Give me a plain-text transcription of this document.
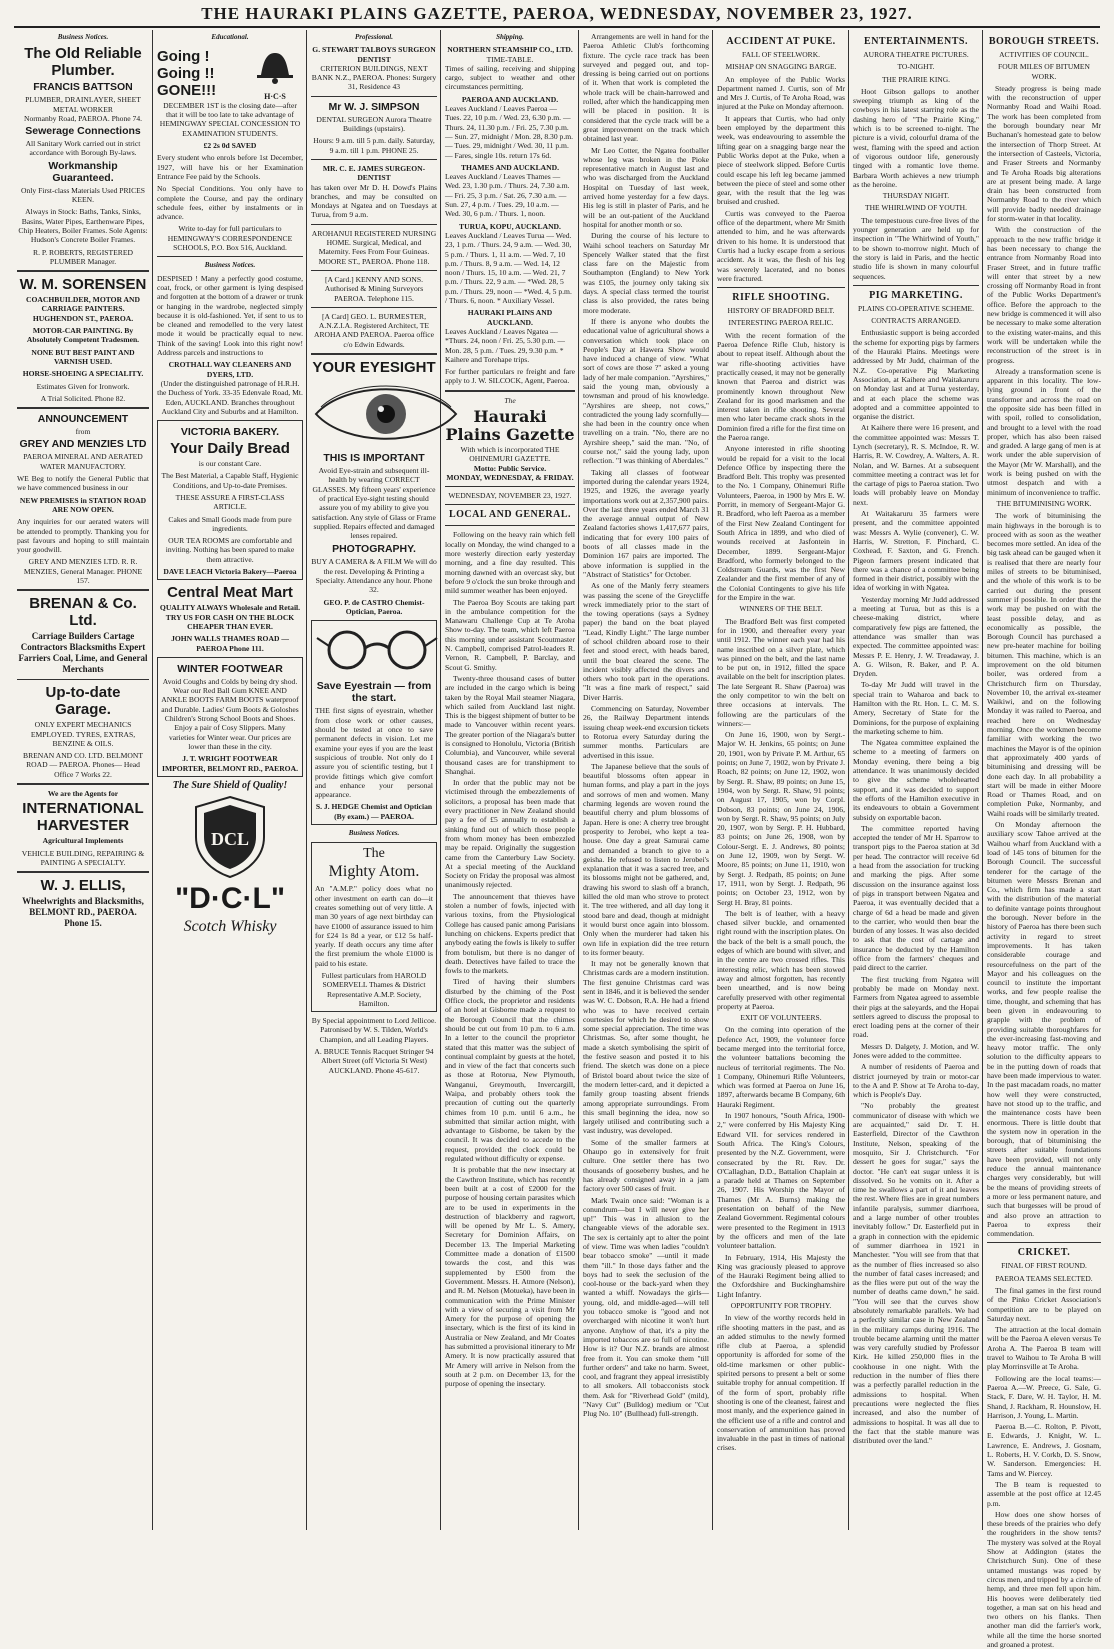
THE HAURAKI PLAINS GAZETTE, PAEROA, WEDNESDAY, NOVEMBER 23, 1927.
Business Notices.
The Old Reliable Plumber.
FRANCIS BATTSON
PLUMBER, DRAINLAYER, SHEET METAL WORKER
Normanby Road, PAEROA. Phone 74.
Sewerage Connections
All Sanitary Work carried out in strict accordance with Borough By-laws.
Workmanship Guaranteed.
Only First-class Materials Used PRICES KEEN.
Always in Stock: Baths, Tanks, Sinks, Basins, Water Pipes, Earthenware Pipes, Chip Heaters, Boiler Frames. Sole Agents: Hudson's Concrete Boiler Frames.
R. P. ROBERTS, REGISTERED PLUMBER Manager.
W. M. SORENSEN
COACHBUILDER, MOTOR AND CARRIAGE PAINTERS. HUGHENDON ST., PAEROA.
MOTOR-CAR PAINTING. By Absolutely Competent Tradesmen.
NONE BUT BEST PAINT AND VARNISH USED.
HORSE-SHOEING A SPECIALITY.
Estimates Given for Ironwork.
A Trial Solicited. Phone 82.
ANNOUNCEMENT
from
GREY AND MENZIES LTD
PAEROA MINERAL AND AERATED WATER MANUFACTORY.
WE Beg to notify the General Public that we have commenced business in our
NEW PREMISES in STATION ROAD ARE NOW OPEN.
Any inquiries for our aerated waters will be attended to promptly. Thanking you for past favours and hoping to still maintain your goodwill.
GREY AND MENZIES LTD. R. R. MENZIES, General Manager. PHONE 157.
BRENAN & Co. Ltd.
Carriage Builders Cartage Contractors Blacksmiths Expert Farriers Coal, Lime, and General Merchants
Up-to-date Garage.
ONLY EXPERT MECHANICS EMPLOYED. TYRES, EXTRAS, BENZINE & OILS.
BRENAN AND CO. LTD. BELMONT ROAD — PAEROA. Phones— Head Office 7 Works 22.
We are the Agents for
INTERNATIONAL HARVESTER
Agricultural Implements
VEHICLE BUILDING, REPAIRING & PAINTING A SPECIALTY.
W. J. ELLIS,
Wheelwrights and Blacksmiths, BELMONT RD., PAEROA. Phone 15.
Educational.
Going ! Going !! GONE!!!	H·C·S
DECEMBER 1ST is the closing date—after that it will be too late to take advantage of HEMINGWAY SPECIAL CONCESSION TO EXAMINATION STUDENTS.
£2 2s 0d SAVED
Every student who enrols before 1st December, 1927, will have his or her Examination Entrance Fee paid by the Schools.
No Special Conditions. You only have to complete the Course, and pay the ordinary schedule fees, either by instalments or in advance.
Write to-day for full particulars to HEMINGWAY'S CORRESPONDENCE SCHOOLS, P.O. Box 516, Auckland.
Business Notices.
DESPISED ! Many a perfectly good costume, coat, frock, or other garment is lying despised and forgotten at the bottom of a drawer or trunk or hanging in the wardrobe, neglected simply because it is old-fashioned. Yet, if sent to us to be cleaned and remodelled to the very latest mode it would be practically equal to new. Think of the saving! Look into this right now! Address parcels and instructions to
CROTHALL WAY CLEANERS AND DYERS, LTD.
(Under the distinguished patronage of H.R.H. the Duchess of York. 33-35 Edenvale Road, Mt. Eden, AUCKLAND. Branches throughout Auckland City and Suburbs and at Hamilton.
VICTORIA BAKERY.
Your Daily Bread
is our constant Care.
The Best Material, a Capable Staff, Hygienic Conditions, and Up-to-date Premises.
THESE ASSURE A FIRST-CLASS ARTICLE.
Cakes and Small Goods made from pure ingredients.
OUR TEA ROOMS are comfortable and inviting. Nothing has been spared to make them attractive.
DAVE LEACH Victoria Bakery—Paeroa
Central Meat Mart
QUALITY ALWAYS Wholesale and Retail. TRY US FOR CASH ON THE BLOCK CHEAPER THAN EVER.
JOHN WALLS THAMES ROAD — PAEROA Phone 111.
WINTER FOOTWEAR
Avoid Coughs and Colds by being dry shod. Wear our Red Ball Gum KNEE AND ANKLE BOOTS FARM BOOTS waterproof and Durable. Ladies' Gum Boots & Goloshes Children's Strong School Boots and Shoes. Enjoy a pair of Cosy Slippers. Many varieties for Winter wear. Our prices are lower than these in the city.
J. T. WRIGHT FOOTWEAR IMPORTER, BELMONT RD., PAEROA.
The Sure Shield of Quality!
DCL
"D·C·L"
Scotch Whisky
Professional.
G. STEWART TALBOYS SURGEON DENTIST
CRITERION BUILDINGS, NEXT BANK N.Z., PAEROA. Phones: Surgery 31, Residence 43
Mr W. J. SIMPSON
DENTAL SURGEON Aurora Theatre Buildings (upstairs).
Hours: 9 a.m. till 5 p.m. daily. Saturday, 9 a.m. till 1 p.m. PHONE 25.
MR. C. E. JAMES SURGEON-DENTIST
has taken over Mr D. H. Dowd's Plains branches, and may be consulted on Mondays at Ngatea and on Tuesdays at Turua, from 9 a.m.
AROHANUI REGISTERED NURSING HOME. Surgical, Medical, and Maternity. Fees From Four Guineas. MOORE ST., PAEROA. Phone 118.
[A Card.] KENNY AND SONS. Authorised & Mining Surveyors PAEROA. Telephone 115.
[A Card] GEO. L. BURMESTER, A.N.Z.I.A. Registered Architect, TE AROHA AND PAEROA. Paeroa office c/o Edwin Edwards.
YOUR EYESIGHT
THIS IS IMPORTANT
Avoid Eye-strain and subsequent ill-health by wearing CORRECT GLASSES. My fifteen years' experience of practical Eye-sight testing should assure you of my ability to give you satisfaction. Any style of Glass or Frame supplied. Repairs effected and damaged lenses repaired.
PHOTOGRAPHY.
BUY A CAMERA & A FILM We will do the rest. Developing & Printing a Specialty. Attendance any hour. Phone 32.
GEO. P. de CASTRO Chemist-Optician, Paeroa.
Save Eyestrain — from the start.
THE first signs of eyestrain, whether from close work or other causes, should be tested at once to save permanent defects in vision. Let me examine your eyes if you are the least suspicious of trouble. Not only do I assure you of scientific testing, but I provide fittings which give comfort and enhance your personal appearance.
S. J. HEDGE Chemist and Optician (By exam.) — PAEROA.
Business Notices.
The
Mighty Atom.
An "A.M.P." policy does what no other investment on earth can do—it creates something out of very little. A man 30 years of age next birthday can have £1000 of assurance issued to him for £24 1s 8d a year, or £12 5s half-yearly. If death occurs any time after the first premium the whole £1000 is paid to his estate.
Fullest particulars from HAROLD SOMERVELL Thames & District Representative A.M.P. Society, Hamilton.
By Special appointment to Lord Jellicoe. Patronised by W. S. Tilden, World's Champion, and all Leading Players.
A. BRUCE Tennis Racquet Stringer 94 Albert Street (off Victoria St West) AUCKLAND. Phone 45-617.
Shipping.
NORTHERN STEAMSHIP CO., LTD.
TIME-TABLE.
Times of sailing, receiving and shipping cargo, subject to weather and other circumstances permitting.
PAEROA AND AUCKLAND.
Leaves Auckland / Leaves Paeroa — Tues. 22, 10 p.m. / Wed. 23, 6.30 p.m. — Thurs. 24, 11.30 p.m. / Fri. 25, 7.30 p.m. — Sun. 27, midnight / Mon. 28, 8.30 p.m. — Tues. 29, midnight / Wed. 30, 11 p.m. — Fares, single 10s. return 17s 6d.
THAMES AND AUCKLAND.
Leaves Auckland / Leaves Thames — Wed. 23, 1.30 p.m. / Thurs. 24, 7.30 a.m. — Fri. 25, 3 p.m. / Sat. 26, 7.30 a.m. — Sun. 27, 4 p.m. / Tues. 29, 10 a.m. — Wed. 30, 6 p.m. / Thurs. 1, noon.
TURUA, KOPU, AUCKLAND.
Leaves Auckland / Leaves Turua — Wed. 23, 1 p.m. / Thurs. 24, 9 a.m. — Wed. 30, 5 p.m. / Thurs. 1, 11 a.m. — Wed. 7, 10 p.m. / Thurs. 8, 9 a.m. — Wed. 14, 12 noon / Thurs. 15, 10 a.m. — Wed. 21, 7 p.m. / Thurs. 22, 9 a.m. — *Wed. 28, 5 p.m. / Thurs. 29, noon — *Wed. 4, 5 p.m. / Thurs. 6, noon. * Auxiliary Vessel.
HAURAKI PLAINS AND AUCKLAND.
Leaves Auckland / Leaves Ngatea — *Thurs. 24, noon / Fri. 25, 5.30 p.m. — Mon. 28, 5 p.m. / Tues. 29, 9.30 p.m. * Kaihere and Torehape trips.
For further particulars re freight and fare apply to J. W. SILCOCK, Agent, Paeroa.
The
Hauraki Plains Gazette
With which is incorporated THE OHINEMURI GAZETTE.
Motto: Public Service.
MONDAY, WEDNESDAY, & FRIDAY.
WEDNESDAY, NOVEMBER 23, 1927.
LOCAL AND GENERAL.
Following on the heavy rain which fell locally on Monday, the wind changed to a more westerly direction early yesterday morning, and a fine day resulted. This morning dawned with an overcast sky, but before 9 o'clock the sun broke through and mild summer weather has been enjoyed.
The Paeroa Boy Scouts are taking part in the ambulance competition for the Manawaru Challenge Cup at Te Aroha Show to-day. The team, which left Paeroa this morning under assistant Scoutmaster N. Campbell, comprised Patrol-leaders R. Vernon, R. Campbell, P. Barclay, and Scout G. Smithy.
Twenty-three thousand cases of butter are included in the cargo which is being taken by the Royal Mail steamer Niagara, which sailed from Auckland last night. This is the biggest shipment of butter to be made to Vancouver within recent years. The greater portion of the Niagara's butter is consigned to Honolulu, Victoria (British Columbia), and Vancouver, while several thousand cases are for transhipment to Shanghai.
In order that the public may not be victimised through the embezzlements of solicitors, a proposal has been made that every practitioner in New Zealand should pay a fee of £5 annually to establish a sinking fund out of which those people from whom money has been embezzled may be repaid. Originally the suggestion came from the Canterbury Law Society. At a special meeting of the Auckland Society on Friday the proposal was almost unanimously rejected.
The announcement that thieves have stolen a number of fowls, injected with various toxins, from the Physiological College has caused panic among Parisians lunching on chickens. Experts predict that anybody eating the fowls is likely to suffer from botulism, but there is no danger of death. Detectives have failed to trace the fowls to the markets.
Tired of having their slumbers disturbed by the chiming of the Post Office clock, the proprietor and residents of an hotel at Gisborne made a request to the Borough Council that the chimes should be cut out from 10 p.m. to 6 a.m. In a letter to the council the proprietor stated that this matter was the subject of continual complaint by guests at the hotel, and in view of the fact that concerts such as those at Rotorua, New Plymouth, Wanganui, Greymouth, Invercargill, Waipa, and probably others took the precaution of cutting out the quarterly chimes from 10 p.m. until 6 a.m., he submitted that similar action might, with advantage to Gisborne, be taken by the council. It was decided to accede to the request, provided the clock could be regulated without difficulty or expense.
It is probable that the new insectary at the Cawthron Institute, which has recently been built at a cost of £2000 for the purpose of housing certain parasites which are to be used in experiments in the destruction of blackberry and ragwort, will be opened by Mr L. S. Amery, Secretary for Dominion Affairs, on December 13. The Imperial Marketing Committee made a donation of £1500 towards the cost, and this was supplemented by £500 from the Government. Messrs. H. Atmore (Nelson), and R. M. Nelson (Motueka), have been in communication with the Prime Minister with a view of securing a visit from Mr Amery for the purpose of opening the insectary, which is the first of its kind in Australia or New Zealand, and Mr Coates has submitted a provisional itinerary to Mr Amery. It is now practically assured that Mr Amery will arrive in Nelson from the south at 2 p.m. on December 13, for the purpose of opening the insectary.
Arrangements are well in hand for the Paeroa Athletic Club's forthcoming fixture. The cycle race track has been surveyed and pegged out, and top-dressing is being carried out on portions of it. When that work is completed the whole track will be chain-harrowed and rolled, after which the handicapping men will be placed in position. It is considered that the cycle track will be a great improvement on the track which obtained last year.
Mr Leo Cotter, the Ngatea footballer whose leg was broken in the Pioke representative match in August last and who was discharged from the Auckland Hospital on Tuesday of last week, arrived home yesterday for a few days. His leg is still in plaster of Paris, and he will be an out-patient of the Auckland hospital for another month or so.
During the course of his lecture to Waihi school teachers on Saturday Mr Spencely Walker stated that the first class fare on the Majestic from Southampton (England) to New York was £105, the journey only taking six days. A special class termed the tourist class is also provided, the rates being more moderate.
If there is anyone who doubts the educational value of agricultural shows a conversation which took place on People's Day at Hawera Show would have induced a change of view. "What sort of cows are those ?" asked a young lady of her male companion. "Ayrshires," said the young man, obviously a townsman and proud of his knowledge. "Ayrshires are sheep, not cows," contradicted the young lady scornfully—she had been in the country once when travelling on a train. "No, there are no Ayrshire sheep," said the man. "No, of course not," said the young lady, upon reflection. "I was thinking of Aberdales."
Taking all classes of footwear imported during the calendar years 1924, 1925, and 1926, the average yearly importations work out at 2,357,900 pairs. Over the last three years ended March 31 the average annual output of New Zealand factories shows 1,417,677 pairs, indicating that for every 100 pairs of boots of all classes made in the Dominion 167 pairs are imported. The above information is supplied in the "Abstract of Statistics" for October.
As one of the Manly ferry steamers was passing the scene of the Greycliffe wreck immediately prior to the start of the towing operations (says a Sydney paper) the band on the boat played "Lead, Kindly Light." The large number of school children aboard rose to their feet and stood erect, with heads bared, until the boat cleared the scene. The incident visibly affected the divers and others who took part in the operations. "It was a fine mark of respect," said Diver Harris.
Commencing on Saturday, November 26, the Railway Department intends issuing cheap week-end excursion tickets to Rotorua every Saturday during the summer months. Particulars are advertised in this issue.
The Japanese believe that the souls of beautiful blossoms often appear in human forms, and play a part in the joys and sorrows of men and women. Many charming legends are woven round the beautiful cherry and plum blossoms of Japan. Here is one: A cherry tree brought prosperity to Jerobei, who kept a tea-house. One day a great Samurai came and demanded a branch to give to a geisha. He refused to listen to Jerobei's explanation that it was a sacred tree, and its blossoms might not be gathered, and, drawing his sword to slash off a branch, killed the old man who strove to protect it. The tree withered, and all day long it stood bare and dead, though at midnight it would burst once again into blossom. Only when the murderer had taken his own life in expiation did the tree return to its former beauty.
It may not be generally known that Christmas cards are a modern institution. The first genuine Christmas card was sent in 1846, and it is believed the sender was W. C. Dobson, R.A. He had a friend who was to have received certain courtesies for which he desired to show some special appreciation. The time was Christmas. So, after some thought, he made a sketch symbolising the spirit of the festive season and posted it to his friend. The sketch was done on a piece of Bristol board about twice the size of the modern letter-card, and it depicted a family group toasting absent friends among appropriate surroundings. From this small beginning the idea, now so largely utilised and contributing such a vast industry, was developed.
Some of the smaller farmers at Ohaupo go in extensively for fruit culture. One settler there has two thousands of gooseberry bushes, and he has already consigned away in a jam factory over 500 cases of fruit.
Mark Twain once said: "Woman is a conundrum—but I will never give her up!" This was in allusion to the changeable views of the adorable sex. The sex is certainly apt to alter the point of view. Time was when ladies "couldn't bear tobacco smoke" —until it made them "ill." In those days father and the boys had to seek the seclusion of the cool-house or the back-yard when they wanted a whiff. Nowadays the girls—young, old, and middle-aged—will tell you tobacco smoke is "good and not overcharged with nicotine it won't hurt anyone. Anyhow of that, it's a pity the imported tobaccos are so full of nicotine. How is it? Our N.Z. brands are almost free from it. You can smoke them "till further orders" and take no harm. Sweet, cool, and fragrant they appeal irresistibly to all smokers. All tobacconists stock them. Ask for "Riverhead Gold" (mild), "Navy Cut" (Bulldog) medium or "Cut Plug No. 10" (Bullhead) full-strength.
ACCIDENT AT PUKE.
FALL OF STEELWORK.
MISHAP ON SNAGGING BARGE.
An employee of the Public Works Department named J. Curtis, son of Mr and Mrs J. Curtis, of Te Aroha Road, was injured at the Puke on Monday afternoon.
It appears that Curtis, who had only been employed by the department this week, was endeavouring to assemble the lifting gear on a snagging barge near the Public Works depot at the Puke, when a piece of steelwork slipped. Before Curtis could escape his left leg became jammed between the piece of steel and some other gear, with the result that the leg was bruised and crushed.
Curtis was conveyed to the Paeroa office of the department, where Mr Smith attended to him, and he was afterwards driven to his home. It is understood that Curtis had a lucky escape from a serious accident. As it was, the flesh of his leg was severely lacerated, and no bones were fractured.
RIFLE SHOOTING.
HISTORY OF BRADFORD BELT.
INTERESTING PAEROA RELIC.
With the recent formation of the Paeroa Defence Rifle Club, history is about to repeat itself. Although about the war rifle-shooting activities have practically ceased, it may not be generally known that Paeroa and district was prominently known throughout New Zealand for its good marksmen and the interest taken in rifle shooting. Several men who later became crack shots in the Dominion fired a rifle for the first time on the Paeroa range.
Anyone interested in rifle shooting would be repaid for a visit to the local Defence Office by inspecting there the Bradford Belt. This trophy was presented to the No. 1 Company, Ohinemuri Rifle Volunteers, Paeroa, in 1900 by Mrs E. W. Porritt, in memory of Sergeant-Major G. R. Bradford, who left Paeroa as a member of the First New Zealand Contingent for South Africa in 1899, and who died of wounds received at Jasfontein in December, 1899. Sergeant-Major Bradford, who formerly belonged to the Coldstream Guards, was the first New Zealander and the first member of any of the Colonial Contingents to give his life for the Empire in the war.
WINNERS OF THE BELT.
The Bradford Belt was first competed for in 1900, and thereafter every year until 1912. The winner each year had his name inscribed on a silver plate, which was pinned on the belt, and the last name to be put on, in 1912, filled the space available on the belt for inscription plates. The late Sergeant R. Shaw (Paeroa) was the only competitor to win the belt on three occasions at intervals. The following are the particulars of the winners:—
On June 16, 1900, won by Sergt.-Major W. H. Jenkins, 65 points; on June 20, 1901, won by Private P. M. Arthur, 65 points; on June 7, 1902, won by Private J. Roach, 82 points; on June 12, 1902, won by Sergt. R. Shaw, 89 points; on June 15, 1904, won by Sergt. R. Shaw, 91 points; on August 17, 1905, won by Corpl. Dobson, 83 points; on June 24, 1906, won by Sergt. R. Shaw, 95 points; on July 20, 1907, won by Sergt. P. H. Hubbard, 83 points; on June 26, 1908, won by Colour-Sergt. E. J. Andrews, 80 points; on June 12, 1909, won by Sergt. W. Moore, 85 points; on June 11, 1910, won by Sergt. J. Redpath, 85 points; on June 17, 1911, won by Sergt. J. Redpath, 96 points; on October 23, 1912, won by Sergt H. Bray, 81 points.
The belt is of leather, with a heavy chased silver buckle, and ornamented right round with the inscription plates. On the back of the belt is a small pouch, the edges of which are bound with silver, and in the centre are two crossed rifles. This interesting relic, which has been stowed away and almost forgotten, has recently been unearthed, and is now being carefully preserved with other regimental property at Paeroa.
EXIT OF VOLUNTEERS.
On the coming into operation of the Defence Act, 1909, the volunteer force became merged into the territorial force, the volunteer battalions becoming the nucleus of territorial regiments. The No. 1 Company, Ohinemuri Rifle Volunteers, which was formed at Paeroa on June 16, 1897, afterwards became B Company, 6th Hauraki Regiment.
In 1907 honours, "South Africa, 1900-2," were conferred by His Majesty King Edward VII. for services rendered in South Africa. The King's Colours, presented by the N.Z. Government, were consecrated by the Rt. Rev. Dr. O'Callaghan, D.D., Battalion Chaplain at a parade held at Thames on September 26, 1907. His Worship the Mayor of Thames (Mr A. Burns) making the presentation on behalf of the New Zealand Government. Regimental colours were presented to the Regiment in 1913 by the officers and men of the late volunteer battalion.
In February, 1914, His Majesty the King was graciously pleased to approve of the Hauraki Regiment being allied to the Oxfordshire and Buckinghamshire Light Infantry.
OPPORTUNITY FOR TROPHY.
In view of the worthy records held in rifle shooting matters in the past, and as an added stimulus to the newly formed rifle club at Paeroa, a splendid opportunity is afforded for some of the old-time marksmen or other public-spirited persons to present a belt or some suitable trophy for annual competition. If of the form of sport, probably rifle shooting is one of the cleanest, fairest and most manly, and the experience gained in the efficient use of a rifle and control and conservation of ammunition has proved invaluable in the past in times of national crises.
ENTERTAINMENTS.
AURORA THEATRE PICTURES.
TO-NIGHT.
THE PRAIRIE KING.
Hoot Gibson gallops to another sweeping triumph as king of the cowboys in his latest starring role as the dashing hero of "The Prairie King," which is to be screened to-night. The picture is a vivid, colourful drama of the west, flaming with the speed and action of vigorous outdoor life, generously tinged with a romantic love theme. Barbara Worth achieves a new triumph as the heroine.
THURSDAY NIGHT.
THE WHIRLWIND OF YOUTH.
The tempestuous cure-free lives of the younger generation are held up for inspection in "The Whirlwind of Youth," to be shown to-morrow night. Much of the story is laid in Paris, and the hectic studio life is shown in many colourful sequences.
PIG MARKETING.
PLAINS CO-OPERATIVE SCHEME.
CONTRACTS ARRANGED.
Enthusiastic support is being accorded the scheme for exporting pigs by farmers of the Hauraki Plains. Meetings were addressed by Mr Judd, chairman of the N.Z. Co-operative Pig Marketing Association, at Kaihere and Waitakaruru on Monday last and at Turua yesterday, and at each place the scheme was adopted and a committee appointed to organise the district.
At Kaihere there were 16 present, and the committee appointed was: Messrs T. Lynch (secretary), R. S. McIndoe, R. W. Harris, R. W. Cowdrey, A. Walters, A. R. Nolan, and W. Barnes. At a subsequent committee meeting a contract was let for the cartage of pigs to Paeroa station. Two loads will probably leave on Monday next.
At Waitakaruru 35 farmers were present, and the committee appointed was: Messrs A. Wylie (convener), C. W. Harris, W. Stretton, F. Pinchard, C. Coxhead, F. Saxton, and G. French. Pigeon farmers present indicated that there was a chance of a committee being formed in their district, possibly with the idea of working in with Ngatea.
Yesterday morning Mr Judd addressed a meeting at Turua, but as this is a cheese-making district, where comparatively few pigs are fattened, the attendance was smaller than was expected. The committee appointed was: Messrs P. E. Henry, J. W. Treadaway, J. A. G. Wilson, R. Baker, and P. A. Dryden.
To-day Mr Judd will travel in the special train to Waharoa and back to Hamilton with the Rt. Hon. L. C. M. S. Amery, Secretary of State for the Dominions, for the purpose of explaining the marketing scheme to him.
The Ngatea committee explained the scheme to a meeting of farmers on Monday evening, there being a big attendance. It was unanimously decided to give the scheme wholehearted support, and it was decided to support the efforts of the Hamilton executive in its endeavours to obtain a Government subsidy on exportable bacon.
The committee reported having accepted the tender of Mr H. Sparrow to transport pigs to the Paeroa station at 3d per head. The contractor will receive 6d a head from the association for trucking and marking the pigs. After some discussion on the insurance against loss of pigs in transport between Ngatea and Paeroa, it was eventually decided that a charge of 6d a head be made and given to the carrier, who would then bear the burden of any losses. It was also decided to ask that the cost of cartage and insurance be deducted by the Hamilton office from the farmers' cheques and paid direct to the carrier.
The first trucking from Ngatea will probably be made on Monday next. Farmers from Ngatea agreed to assemble their pigs at the saleyards, and the Hopai settlers agreed to discuss the proposal to erect loading pens at the corner of their road.
Messrs D. Dalgety, J. Motion, and W. Jones were added to the committee.
A number of residents of Paeroa and district journeyed by train or motor-car to the A and P. Show at Te Aroha to-day, which is People's Day.
"No probably the greatest communicator of disease with which we are acquainted," said Dr. T. H. Easterfield, Director of the Cawthron Institute, Nelson, speaking of the mosquito, Sir J. Christchurch. "For dessert he goes for sugar," says the doctor. "He can't eat sugar unless it is dissolved. So he vomits on it. After a time he swallows a part of it and leaves the rest. Where flies are in great numbers infantile paralysis, summer diarrhoea, and a large number of other troubles inevitably follow." Dr. Easterfield put in a graph in connection with the epidemic of summer diarrhoea in 1921 in Manchester. "You will see from that that as the number of flies increased so also the number of fatal cases increased; and as the flies were put out of the way the number of deaths came down," he said. "You will see that the curves show absolutely remarkable parallels. We had a perfectly similar case in New Zealand in the military camps during 1916. The trouble became alarming until the matter was very carefully studied by Professor Kirk. He killed 250,000 flies in the cookhouse in one night. With the reduction in the number of flies there was a perfectly parallel reduction in the admissions to hospital. When precautions were neglected the flies increased, and also the number of admissions to hospital. It was all due to the fact that the stable manure was distributed over the land."
BOROUGH STREETS.
ACTIVITIES OF COUNCIL.
FOUR MILES OF BITUMEN WORK.
Steady progress is being made with the reconstruction of upper Normanby Road and Waihi Road. The work has been completed from the borough boundary near Mr Buchanan's homestead gate to below the intersection of Thorp Street. At the intersection of Casteels, Victoria, and Fraser Streets and Normanby and Te Aroha Roads big alterations are at present being made. A large drain has been constructed from Normanby Road to the river which will provide badly needed drainage for storm-water in that locality.
With the construction of the approach to the new traffic bridge it has been necessary to change the entrance from Normanby Road into Fraser Street, and in future traffic will enter that street by a new crossing off Normanby Road in front of the Public Works Department's office. Before the approach to the new bridge is commenced it will also be necessary to make some alteration to the existing water-mains, and this work will be undertaken while the reconstruction of the street is in progress.
Already a transformation scene is apparent in this locality. The low-lying ground in front of the transformer and across the road on the opposite side has been filled in with spoil, rolled to consolidation, and brought to a level with the road proper, which has also been raised and graded. A large gang of men is at work under the able supervision of the Mayor (Mr W. Marshall), and the work is being pushed on with the utmost despatch and with a minimum of inconvenience to traffic.
THE BITUMINISING WORK.
The work of bituminising the main highways in the borough is to proceed with as soon as the weather becomes more settled. An idea of the big task ahead can be gauged when it is realised that there are nearly four miles of streets to be bituminised, and the whole of this work is to be carried out during the present summer if possible. In order that the work may be pushed on with the least possible delay, and as economically as possible, the Borough Council has purchased a new pre-heater machine for boiling bitumen. This machine, which is an improvement on the old bitumen boiler, was ordered from a Christchurch firm on Thursday, November 10, the arrival ex-steamer Waikiwi, and on the following Monday it was railed to Paeroa, and reached here on Wednesday morning. Once the workmen become familiar with working the two machines the Mayor is of the opinion that approximately 400 yards of bituminising and dressing will be done each day. In all probability a start will be made in either Moore Road or Thames Road, and on completion Puke, Normanby, and Waihi roads will be similarly treated.
On Monday afternoon the auxiliary scow Tahoe arrived at the Waihou wharf from Auckland with a load of 145 tons of bitumen for the Borough Council. The successful tenderer for the cartage of the bitumen were Messrs Brenan and Co., which firm has made a start with the distribution of the material to definite vantage points throughout the borough. Never before in the history of Paeroa has there been such activity in regard to street improvements. It has taken considerable courage and resourcefulness on the part of the Mayor and his colleagues on the council to institute the important works, and few people realise the time, thought, and scheming that has been given in endeavouring to grapple with the problem of providing suitable thoroughfares for the ever-increasing fast-moving and heavy motor traffic. The only solution to the difficulty appears to be in the putting down of roads that have been made impervious to water. In the past macadam roads, no matter how well they were constructed, have not stood up to the traffic, and the maintenance costs have been enormous. There is little doubt that the system now in operation in the borough, that of bituminising the streets after suitable foundations have been provided, will not only reduce the annual maintenance charges very considerably, but will be the means of providing streets of a more or less permanent nature, and such that burgesses will be proud of and also prove an attraction to Paeroa to express their commendation.
CRICKET.
FINAL OF FIRST ROUND.
PAEROA TEAMS SELECTED.
The final games in the first round of the Pinko Cricket Association's competition are to be played on Saturday next.
The attraction at the local domain will be the Paeroa A eleven versus Te Aroha A. The Paeroa B team will travel to Waihou to Te Aroha B will play Morrinsville at Te Aroha.
Following are the local teams:— Paeroa A.—W. Preece, G. Sale, G. Stack, F. Dare, W. H. Taylor, H. M. Shand, J. Rackham, R. Hounslow, H. Harrison, J. Young, L. Martin.
Paeroa B.—C. Rolton, P. Pivott, E. Edwards, J. Knight, W. L. Lawrence, E. Andrews, J. Gosnam, L. Roberts, H. V. Corkb, D. S. Snow, W. Sanderson. Emergencies: H. Tams and W. Piercey.
The B team is requested to assemble at the post office at 12.45 p.m.
How does one show horses of these breeds of the prairies who defy the roughriders in the show tents? The mystery was solved at the Royal Show at Addington (states the Christchurch Sun). One of these untamed mustangs was roped by circus men, and tripped by a circle of hemp, and three men fell upon him. His hooves were deliberately tied together, a man sat on his head and two others on his flanks. Then another man did the farrier's work, while all the time the horse snorted and groaned a protest.
